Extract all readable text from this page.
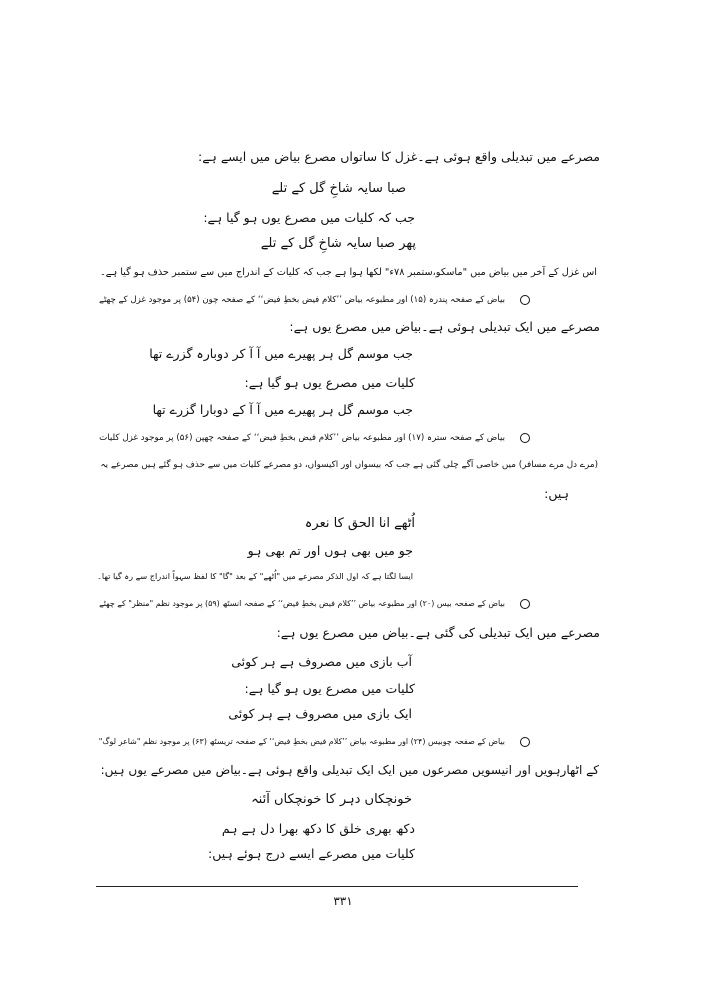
مصرعے میں تبدیلی واقع ہوئی ہے۔غزل کا ساتواں مصرع بیاض میں ایسے ہے:
صبا سایہ شاخِ گل کے تلے
جب کہ کلیات میں مصرع یوں ہو گیا ہے:
پھر صبا سایہ شاخِ گل کے تلے
اس غزل کے آخر میں بیاض میں "ماسکو،ستمبر ۷۸ء" لکھا ہوا ہے جب کہ کلیات کے اندراج میں سے ستمبر حذف ہو گیا ہے۔
بیاض کے صفحہ پندرہ (۱۵) اور مطبوعہ بیاض ’’کلام فیض بخطِ فیض‘‘ کے صفحہ چون (۵۴) پر موجود غزل کے چھٹے
مصرعے میں ایک تبدیلی ہوئی ہے۔بیاض میں مصرع یوں ہے:
جب موسم گل ہر پھیرے میں آ آ کر دوبارہ گزرے تھا
کلیات میں مصرع یوں ہو گیا ہے:
جب موسم گل ہر پھیرے میں آ آ کے دوبارا گزرے تھا
بیاض کے صفحہ سترہ (۱۷) اور مطبوعہ بیاض ’’کلام فیض بخطِ فیض‘‘ کے صفحہ چھپن (۵۶) پر موجود غزل کلیات
(مرے دل مرے مسافر) میں خاصی آگے چلی گئی ہے جب کہ بیسواں اور اکیسواں، دو مصرعے کلیات میں سے حذف ہو گئے ہیں مصرعے یہ
ہیں:
اُٹھے انا الحق کا نعرہ
جو میں بھی ہوں اور تم بھی ہو
ایسا لگتا ہے کہ اول الذکر مصرعے میں "اُٹھے" کے بعد "گا" کا لفظ سہواً اندراج سے رہ گیا تھا۔
بیاض کے صفحہ بیس (۲۰) اور مطبوعہ بیاض ’’کلام فیض بخطِ فیض‘‘ کے صفحہ انسٹھ (۵۹) پر موجود نظم "منظر" کے چھٹے
مصرعے میں ایک تبدیلی کی گئی ہے۔بیاض میں مصرع یوں ہے:
آب بازی میں مصروف ہے ہر کوئی
کلیات میں مصرع یوں ہو گیا ہے:
ایک بازی میں مصروف ہے ہر کوئی
بیاض کے صفحہ چوبیس (۲۴) اور مطبوعہ بیاض ’’کلام فیض بخطِ فیض‘‘ کے صفحہ تریسٹھ (۶۳) پر موجود نظم "شاعر لوگ"
کے اٹھارہویں اور انیسویں مصرعوں میں ایک ایک تبدیلی واقع ہوئی ہے۔بیاض میں مصرعے یوں ہیں:
خونچکاں دہر کا خونچکاں آئنہ
دکھ بھری خلق کا دکھ بھرا دل ہے ہم
کلیات میں مصرعے ایسے درج ہوئے ہیں:
۳۳۱
